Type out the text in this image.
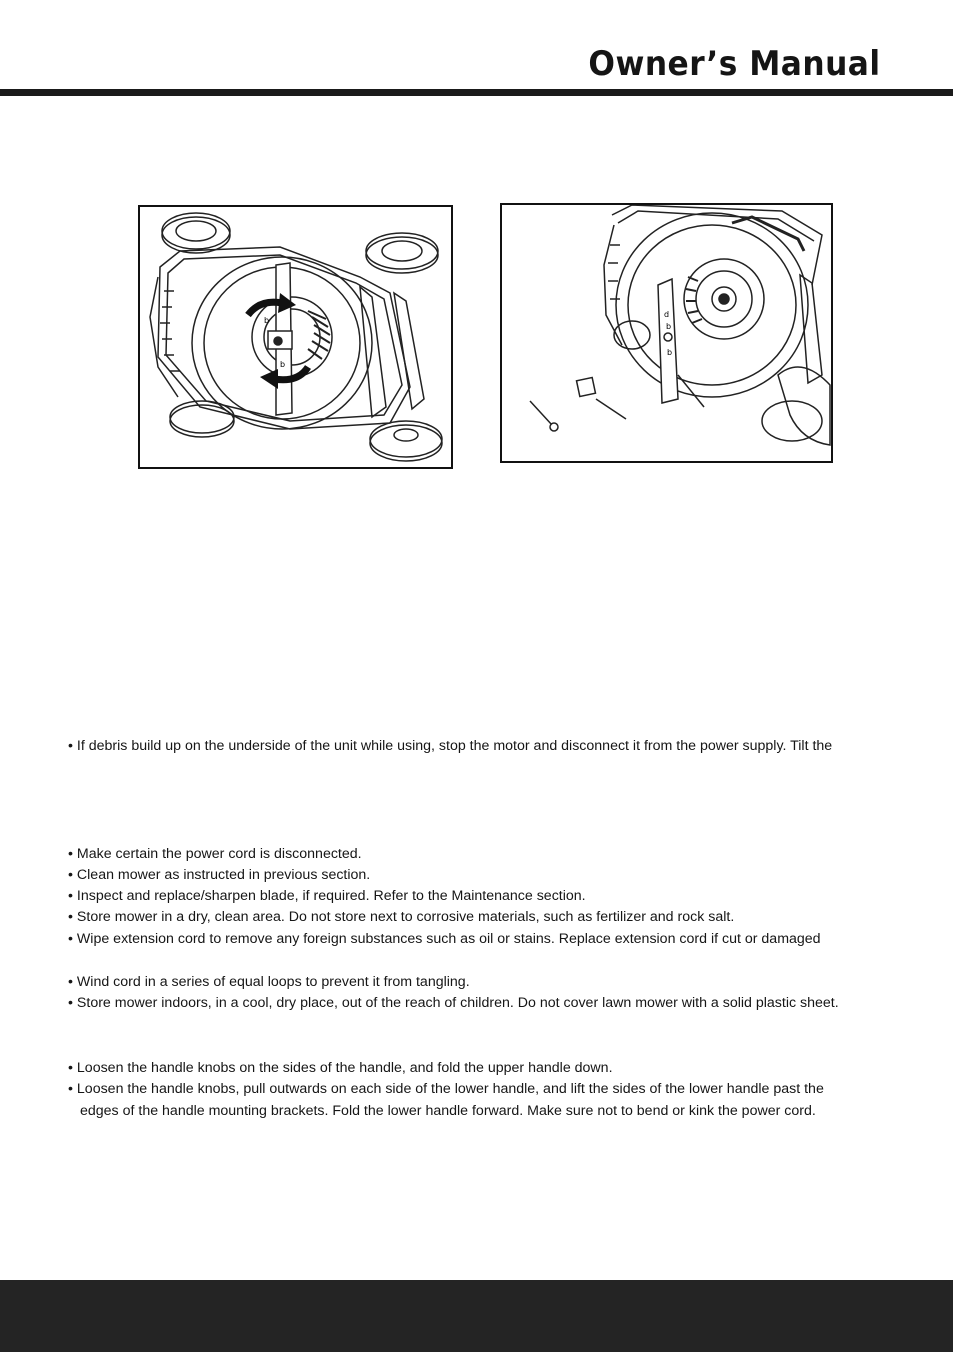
Owner’s Manual
b
b
d
b
b
• If debris build up on the underside of the unit while using, stop the motor and disconnect it from the power supply. Tilt the
• Make certain the power cord is disconnected.
• Clean mower as instructed in previous section.
• Inspect and replace/sharpen blade, if required. Refer to the Maintenance section.
• Store mower in a dry, clean area. Do not store next to corrosive materials, such as fertilizer and rock salt.
• Wipe extension cord to remove any foreign substances such as oil or stains. Replace extension cord if cut or damaged
• Wind cord in a series of equal loops to prevent it from tangling.
• Store mower indoors, in a cool, dry place, out of the reach of children. Do not cover lawn mower with a solid plastic sheet.
• Loosen the handle knobs on the sides of the handle, and fold the upper handle down.
• Loosen the handle knobs, pull outwards on each side of the lower handle, and lift the sides of the lower handle past the
edges of the handle mounting brackets. Fold the lower handle forward. Make sure not to bend or kink the power cord.
